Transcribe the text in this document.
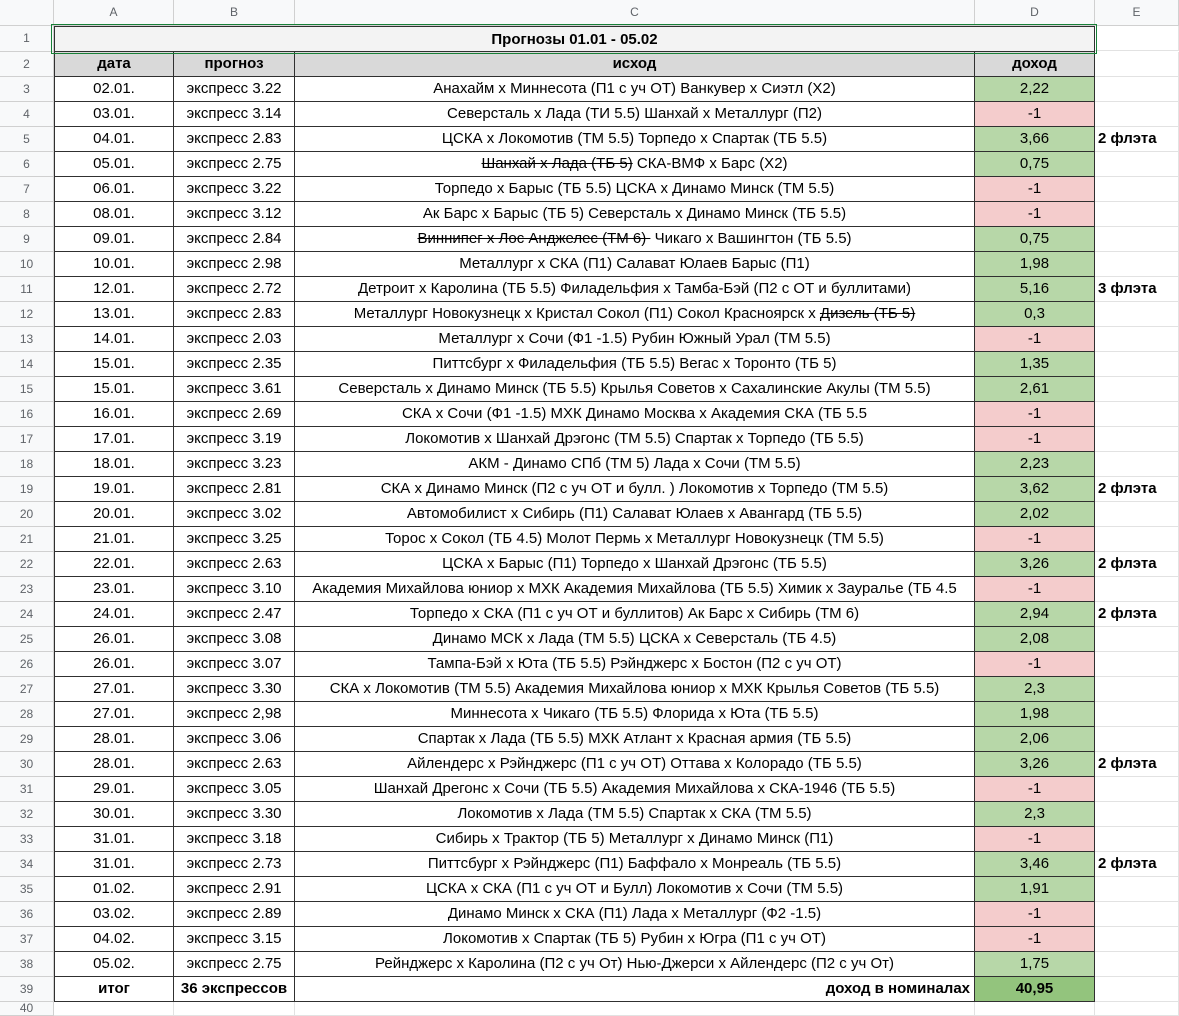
A	B	C	D	E
1
2
3
4
5
6
7
8
9
10
11
12
13
14
15
16
17
18
19
20
21
22
23
24
25
26
27
28
29
30
31
32
33
34
35
36
37
38
39
40
Прогнозы 01.01 - 05.02
дата	прогноз	исход	доход
02.01.	экспресс 3.22	Анахайм х Миннесота (П1 с уч ОТ) Ванкувер х Сиэтл (Х2)	2,22
03.01.	экспресс 3.14	Северсталь х Лада (ТИ 5.5) Шанхай х Металлург (П2)	-1
04.01.	экспресс 2.83	ЦСКА х Локомотив (ТМ 5.5) Торпедо х Спартак (ТБ 5.5)	3,66	2 флэта
05.01.	экспресс 2.75	Шанхай х Лада (ТБ 5) СКА-ВМФ х Барс (Х2)	0,75
06.01.	экспресс 3.22	Торпедо х Барыс (ТБ 5.5) ЦСКА х Динамо Минск (ТМ 5.5)	-1
08.01.	экспресс 3.12	Ак Барс х Барыс (ТБ 5) Северсталь х Динамо Минск (ТБ 5.5)	-1
09.01.	экспресс 2.84	Виннипег х Лос Анджелес (ТМ 6)  Чикаго х Вашингтон (ТБ 5.5)	0,75
10.01.	экспресс 2.98	Металлург х СКА (П1) Салават Юлаев Барыс (П1)	1,98
12.01.	экспресс 2.72	Детроит х Каролина (ТБ 5.5) Филадельфия х Тамба-Бэй (П2 с ОТ и буллитами)	5,16	3 флэта
13.01.	экспресс 2.83	Металлург Новокузнецк х Кристал Сокол (П1) Сокол Красноярск х Дизель (ТБ 5)	0,3
14.01.	экспресс 2.03	Металлург х Сочи (Ф1 -1.5) Рубин Южный Урал (ТМ 5.5)	-1
15.01.	экспресс 2.35	Питтсбург х Филадельфия (ТБ 5.5) Вегас х Торонто (ТБ 5)	1,35
15.01.	экспресс 3.61	Северсталь х Динамо Минск (ТБ 5.5) Крылья Советов х Сахалинские Акулы (ТМ 5.5)	2,61
16.01.	экспресс 2.69	СКА х Сочи (Ф1 -1.5) МХК Динамо Москва х Академия СКА (ТБ 5.5	-1
17.01.	экспресс 3.19	Локомотив х Шанхай Дрэгонс (ТМ 5.5) Спартак х Торпедо (ТБ 5.5)	-1
18.01.	экспресс 3.23	АКМ - Динамо СПб (ТМ 5) Лада х Сочи (ТМ 5.5)	2,23
19.01.	экспресс 2.81	СКА х Динамо Минск (П2 с уч ОТ и булл. ) Локомотив х Торпедо (ТМ 5.5)	3,62	2 флэта
20.01.	экспресс 3.02	Автомобилист х Сибирь (П1) Салават Юлаев х Авангард (ТБ 5.5)	2,02
21.01.	экспресс 3.25	Торос х Сокол (ТБ 4.5) Молот Пермь х Металлург Новокузнецк (ТМ 5.5)	-1
22.01.	экспресс 2.63	ЦСКА х Барыс (П1) Торпедо х Шанхай Дрэгонс (ТБ 5.5)	3,26	2 флэта
23.01.	экспресс 3.10	Академия Михайлова юниор х МХК Академия Михайлова (ТБ 5.5) Химик х Зауралье (ТБ 4.5	-1
24.01.	экспресс 2.47	Торпедо х СКА (П1 с уч ОТ и буллитов) Ак Барс х Сибирь (ТМ 6)	2,94	2 флэта
26.01.	экспресс 3.08	Динамо МСК х Лада (ТМ 5.5) ЦСКА х Северсталь (ТБ 4.5)	2,08
26.01.	экспресс 3.07	Тампа-Бэй х Юта (ТБ 5.5) Рэйнджерс х Бостон (П2 с уч ОТ)	-1
27.01.	экспресс 3.30	СКА х Локомотив (ТМ 5.5) Академия Михайлова юниор х МХК Крылья Советов (ТБ 5.5)	2,3
27.01.	экспресс 2,98	Миннесота х Чикаго (ТБ 5.5) Флорида х Юта (ТБ 5.5)	1,98
28.01.	экспресс 3.06	Спартак х Лада (ТБ 5.5) МХК Атлант х Красная армия (ТБ 5.5)	2,06
28.01.	экспресс 2.63	Айлендерс х Рэйнджерс (П1 с уч ОТ) Оттава х Колорадо (ТБ 5.5)	3,26	2 флэта
29.01.	экспресс 3.05	Шанхай Дрегонс х Сочи (ТБ 5.5) Академия Михайлова х СКА-1946 (ТБ 5.5)	-1
30.01.	экспресс 3.30	Локомотив х Лада (ТМ 5.5) Спартак х СКА (ТМ 5.5)	2,3
31.01.	экспресс 3.18	Сибирь х Трактор (ТБ 5) Металлург х Динамо Минск (П1)	-1
31.01.	экспресс 2.73	Питтсбург х Рэйнджерс (П1) Баффало х Монреаль (ТБ 5.5)	3,46	2 флэта
01.02.	экспресс 2.91	ЦСКА х СКА (П1 с уч ОТ и Булл) Локомотив х Сочи (ТМ 5.5)	1,91
03.02.	экспресс 2.89	Динамо Минск х СКА (П1) Лада х Металлург (Ф2 -1.5)	-1
04.02.	экспресс 3.15	Локомотив х Спартак (ТБ 5) Рубин х Югра (П1 с уч ОТ)	-1
05.02.	экспресс 2.75	Рейнджерс х Каролина (П2 с уч От) Нью-Джерси х Айлендерс (П2 с уч От)	1,75
итог	36 экспрессов	доход в номиналах	40,95
